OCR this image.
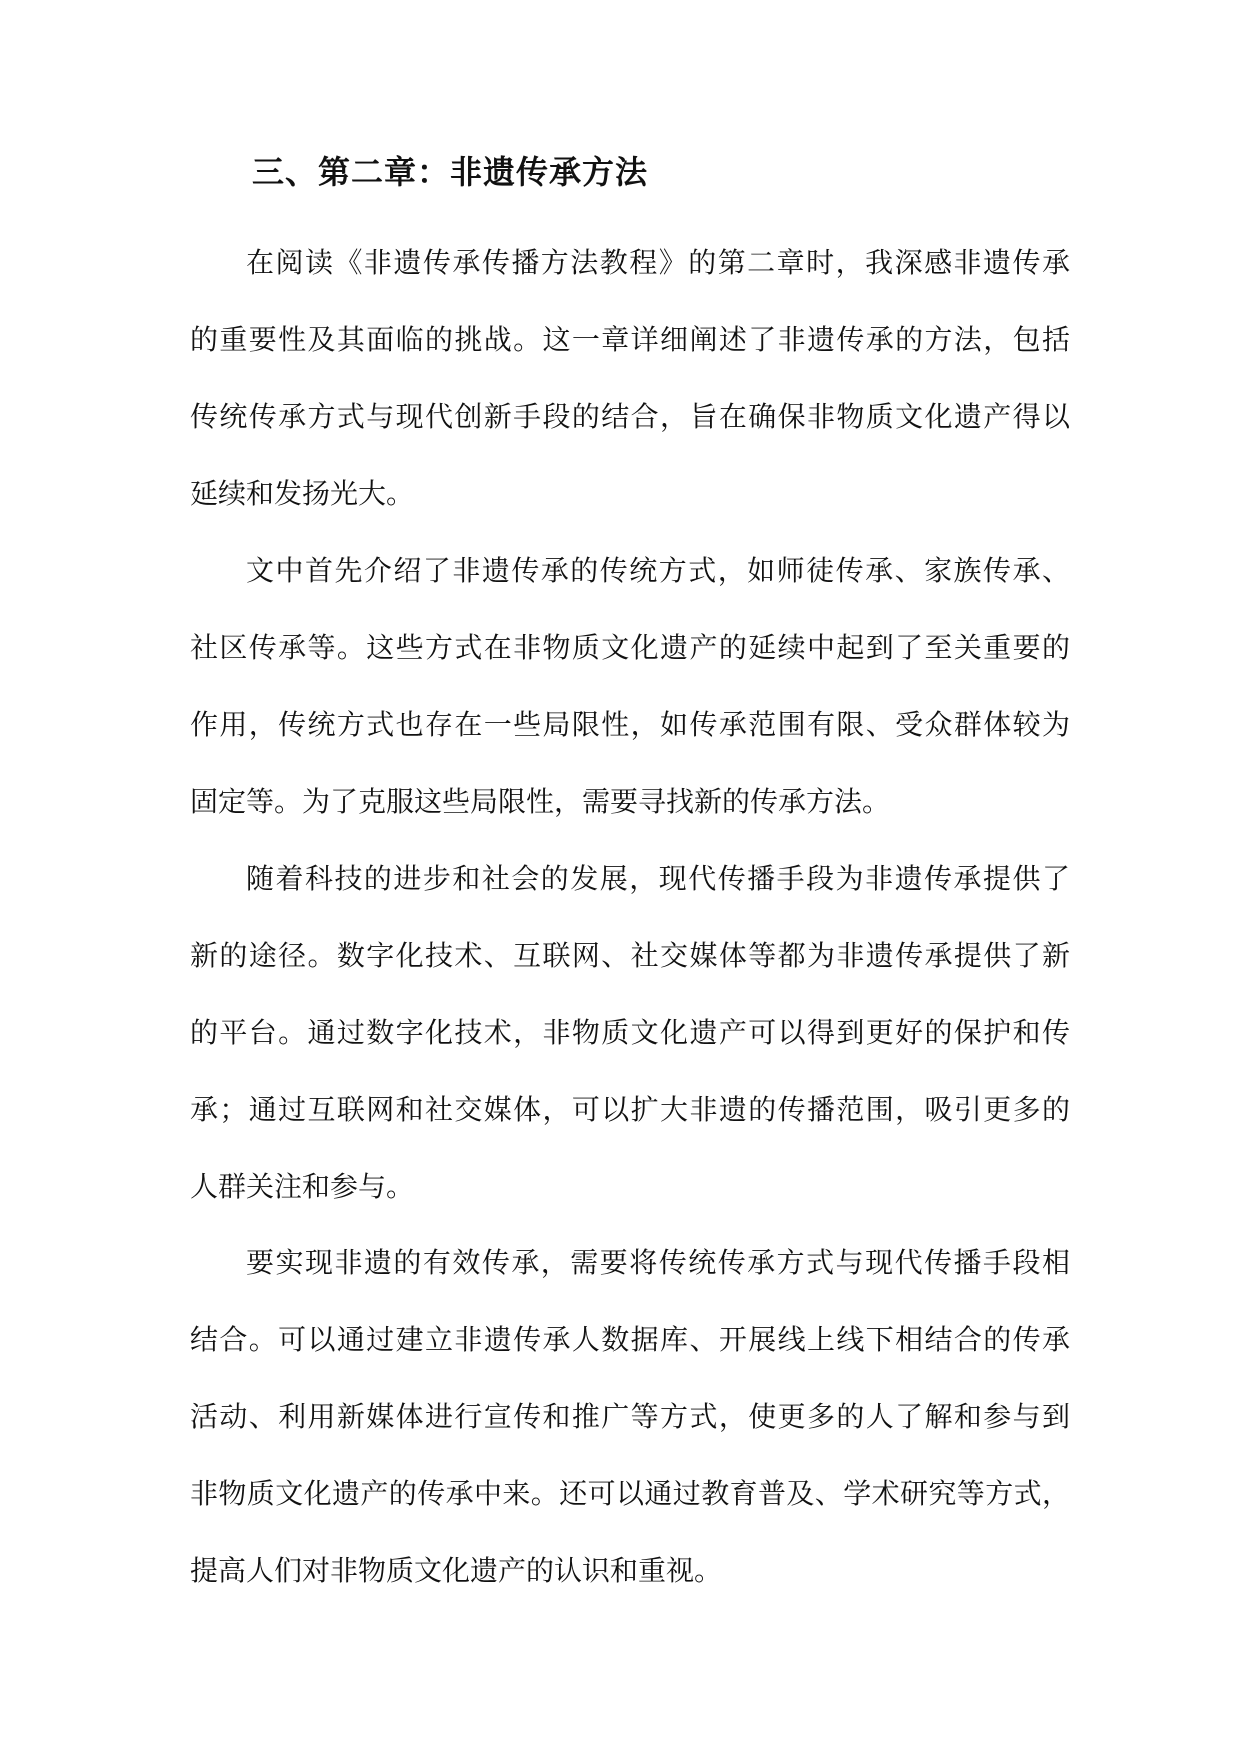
三、第二章：非遗传承方法

在阅读《非遗传承传播方法教程》的第二章时，我深感非遗传承
的重要性及其面临的挑战。这一章详细阐述了非遗传承的方法，包括
传统传承方式与现代创新手段的结合，旨在确保非物质文化遗产得以
延续和发扬光大。

文中首先介绍了非遗传承的传统方式，如师徒传承、家族传承、
社区传承等。这些方式在非物质文化遗产的延续中起到了至关重要的
作用，传统方式也存在一些局限性，如传承范围有限、受众群体较为
固定等。为了克服这些局限性，需要寻找新的传承方法。

随着科技的进步和社会的发展，现代传播手段为非遗传承提供了
新的途径。数字化技术、互联网、社交媒体等都为非遗传承提供了新
的平台。通过数字化技术，非物质文化遗产可以得到更好的保护和传
承；通过互联网和社交媒体，可以扩大非遗的传播范围，吸引更多的
人群关注和参与。

要实现非遗的有效传承，需要将传统传承方式与现代传播手段相
结合。可以通过建立非遗传承人数据库、开展线上线下相结合的传承
活动、利用新媒体进行宣传和推广等方式，使更多的人了解和参与到
非物质文化遗产的传承中来。还可以通过教育普及、学术研究等方式，
提高人们对非物质文化遗产的认识和重视。
